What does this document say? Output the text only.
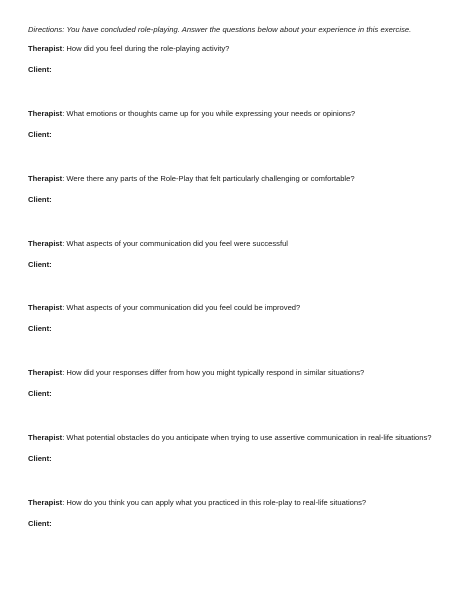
Directions: You have concluded role-playing. Answer the questions below about your experience in this exercise.
Therapist: How did you feel during the role-playing activity?
Client:
Therapist: What emotions or thoughts came up for you while expressing your needs or opinions?
Client:
Therapist: Were there any parts of the Role-Play that felt particularly challenging or comfortable?
Client:
Therapist: What aspects of your communication did you feel were successful
Client:
Therapist: What aspects of your communication did you feel could be improved?
Client:
Therapist: How did your responses differ from how you might typically respond in similar situations?
Client:
Therapist: What potential obstacles do you anticipate when trying to use assertive communication in real-life situations?
Client:
Therapist: How do you think you can apply what you practiced in this role-play to real-life situations?
Client:
